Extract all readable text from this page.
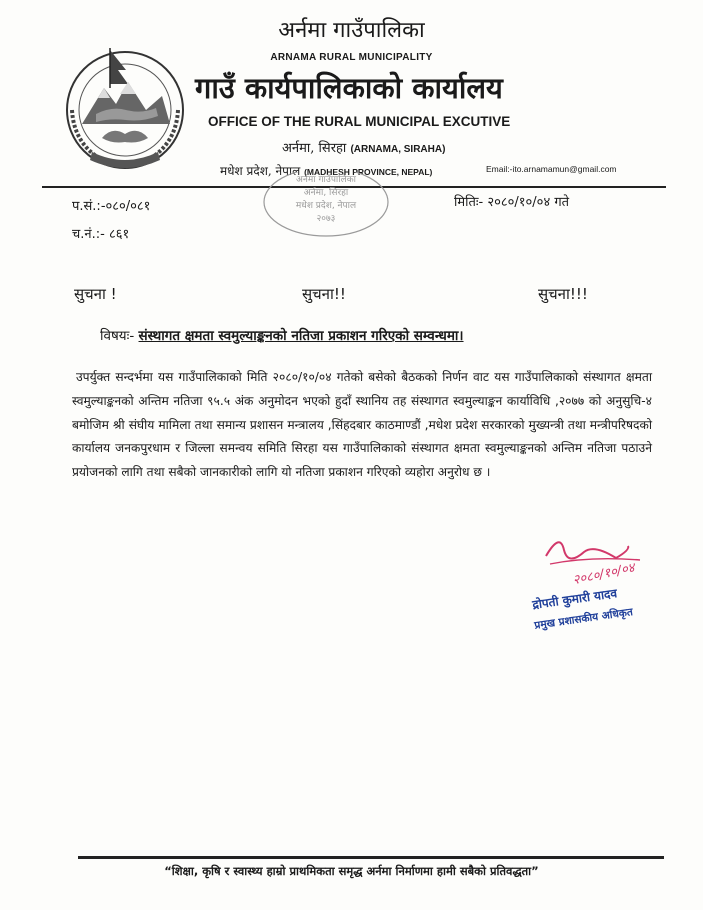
अर्नमा गाउँपालिका
ARNAMA RURAL MUNICIPALITY
गाउँ कार्यपालिकाको कार्यालय
OFFICE OF THE RURAL MUNICIPAL EXCUTIVE
अर्नमा, सिरहा (ARNAMA, SIRAHA)
मधेश प्रदेश, नेपाल (MADHESH PROVINCE, NEPAL)	Email:-ito.arnamamun@gmail.com
अर्नमा गाउँपालिका
अर्नमा, सिरहा
मधेश प्रदेश, नेपाल
२०७३
प.सं.:-०८०/०८१	मितिः- २०८०/१०/०४ गते
च.नं.:- ८६१
सुचना !	सुचना!!	सुचना!!!
विषयः- संस्थागत क्षमता स्वमुल्याङ्कनको नतिजा प्रकाशन गरिएको सम्वन्धमा।
उपर्युक्त सन्दर्भमा यस गाउँपालिकाको मिति २०८०/१०/०४ गतेको बसेको बैठकको निर्णन वाट यस गाउँपालिकाको संस्थागत क्षमता स्वमुल्याङ्कनको अन्तिम नतिजा ९५.५ अंक अनुमोदन भएको हुदाँ स्थानिय तह संस्थागत स्वमुल्याङ्कन कार्याविधि ,२०७७ को अनुसुचि-४ बमोजिम श्री संघीय मामिला तथा समान्य प्रशासन मन्त्रालय ,सिंहदबार काठमाण्डौं ,मधेश प्रदेश सरकारको मुख्यन्त्री तथा मन्त्रीपरिषदको कार्यालय जनकपुरधाम र जिल्ला समन्वय समिति सिरहा यस गाउँपालिकाको संस्थागत क्षमता स्वमुल्याङ्कनको अन्तिम नतिजा पठाउने प्रयोजनको लागि तथा सबैको जानकारीको लागि यो नतिजा प्रकाशन गरिएको व्यहोरा अनुरोध छ ।
२०८०/१०/०४
द्रोपती कुमारी यादव
प्रमुख प्रशासकीय अधिकृत
“शिक्षा, कृषि र स्वास्थ्य हाम्रो प्राथमिकता समृद्ध अर्नमा निर्माणमा हामी सबैको प्रतिवद्धता”
